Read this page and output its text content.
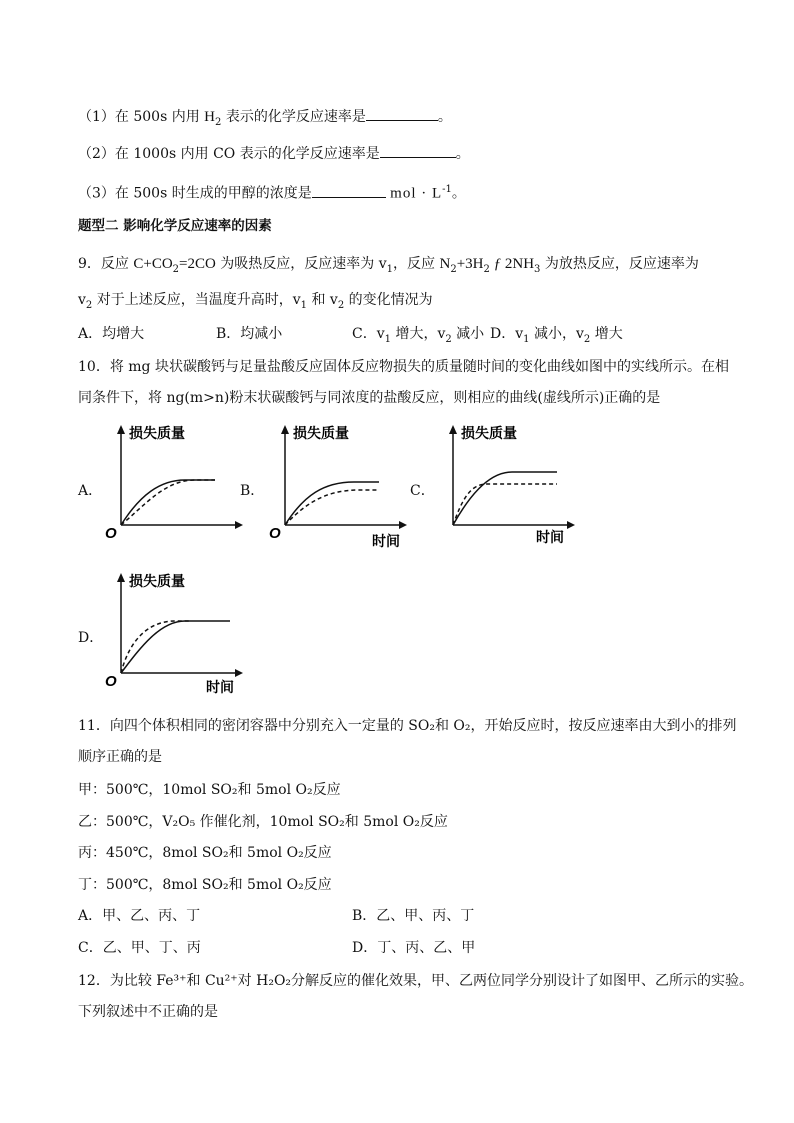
（1）在 500s 内用 $H_2$ 表示的化学反应速率是	。
（2）在 1000s 内用 CO 表示的化学反应速率是	。
（3）在 500s 时生成的甲醇的浓度是	mol · $L^{-1}$。
题型二 影响化学反应速率的因素
9．反应 $C+CO_2=2CO$ 为吸热反应，反应速率为 $v_1$，反应 $N_2+3H_2$ ƒ $2NH_3$ 为放热反应，反应速率为
$v_2$ 对于上述反应，当温度升高时，$v_1$ 和 $v_2$ 的变化情况为
A．均增大	B．均减小	C．$v_1$ 增大，$v_2$ 减小 D．$v_1$ 减小，$v_2$ 增大
10．将 mg 块状碳酸钙与足量盐酸反应固体反应物损失的质量随时间的变化曲线如图中的实线所示。在相
同条件下，将 ng(m>n)粉末状碳酸钙与同浓度的盐酸反应，则相应的曲线(虚线所示)正确的是
A．	B．	C．
D．
损失质量
O
损失质量
O	时间
损失质量
时间
损失质量
O	时间
11．向四个体积相同的密闭容器中分别充入一定量的 SO₂和 O₂，开始反应时，按反应速率由大到小的排列
顺序正确的是
甲：500℃，10mol SO₂和 5mol O₂反应
乙：500℃，V₂O₅ 作催化剂，10mol SO₂和 5mol O₂反应
丙：450℃，8mol SO₂和 5mol O₂反应
丁：500℃，8mol SO₂和 5mol O₂反应
A．甲、乙、丙、丁	B．乙、甲、丙、丁
C．乙、甲、丁、丙	D．丁、丙、乙、甲
12．为比较 Fe³⁺和 Cu²⁺对 H₂O₂分解反应的催化效果，甲、乙两位同学分别设计了如图甲、乙所示的实验。
下列叙述中不正确的是
